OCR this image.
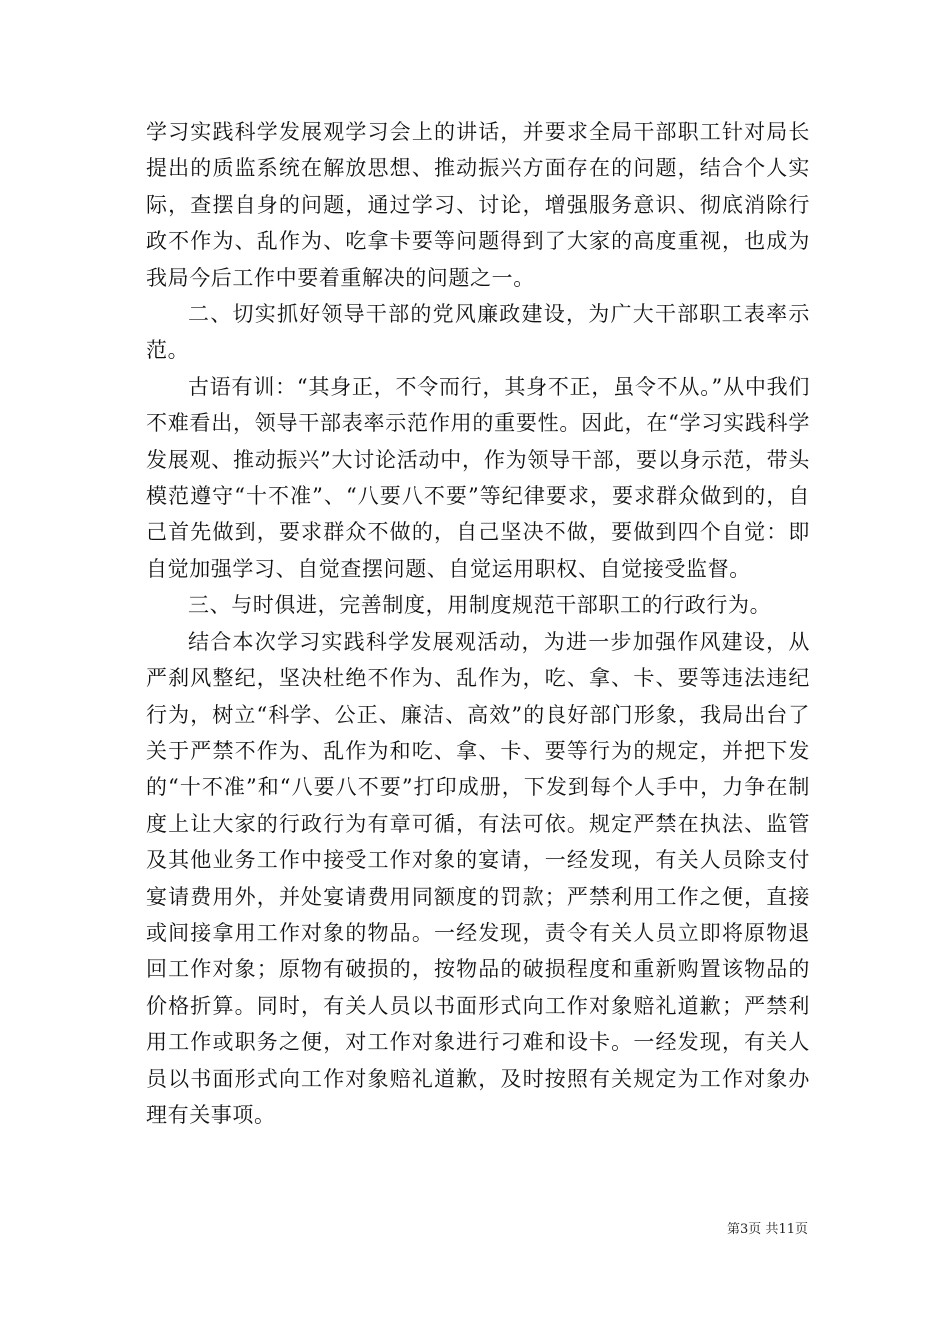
学习实践科学发展观学习会上的讲话，并要求全局干部职工针对局长提出的质监系统在解放思想、推动振兴方面存在的问题，结合个人实际，查摆自身的问题，通过学习、讨论，增强服务意识、彻底消除行政不作为、乱作为、吃拿卡要等问题得到了大家的高度重视，也成为我局今后工作中要着重解决的问题之一。

二、切实抓好领导干部的党风廉政建设，为广大干部职工表率示范。

古语有训：“其身正，不令而行，其身不正，虽令不从。”从中我们不难看出，领导干部表率示范作用的重要性。因此，在“学习实践科学发展观、推动振兴”大讨论活动中，作为领导干部，要以身示范，带头模范遵守“十不准”、“八要八不要”等纪律要求，要求群众做到的，自己首先做到，要求群众不做的，自己坚决不做，要做到四个自觉：即自觉加强学习、自觉查摆问题、自觉运用职权、自觉接受监督。

三、与时俱进，完善制度，用制度规范干部职工的行政行为。

结合本次学习实践科学发展观活动，为进一步加强作风建设，从严刹风整纪，坚决杜绝不作为、乱作为，吃、拿、卡、要等违法违纪行为，树立“科学、公正、廉洁、高效”的良好部门形象，我局出台了关于严禁不作为、乱作为和吃、拿、卡、要等行为的规定，并把下发的“十不准”和“八要八不要”打印成册，下发到每个人手中，力争在制度上让大家的行政行为有章可循，有法可依。规定严禁在执法、监管及其他业务工作中接受工作对象的宴请，一经发现，有关人员除支付宴请费用外，并处宴请费用同额度的罚款；严禁利用工作之便，直接或间接拿用工作对象的物品。一经发现，责令有关人员立即将原物退回工作对象；原物有破损的，按物品的破损程度和重新购置该物品的价格折算。同时，有关人员以书面形式向工作对象赔礼道歉；严禁利用工作或职务之便，对工作对象进行刁难和设卡。一经发现，有关人员以书面形式向工作对象赔礼道歉，及时按照有关规定为工作对象办理有关事项。

第3页 共11页
